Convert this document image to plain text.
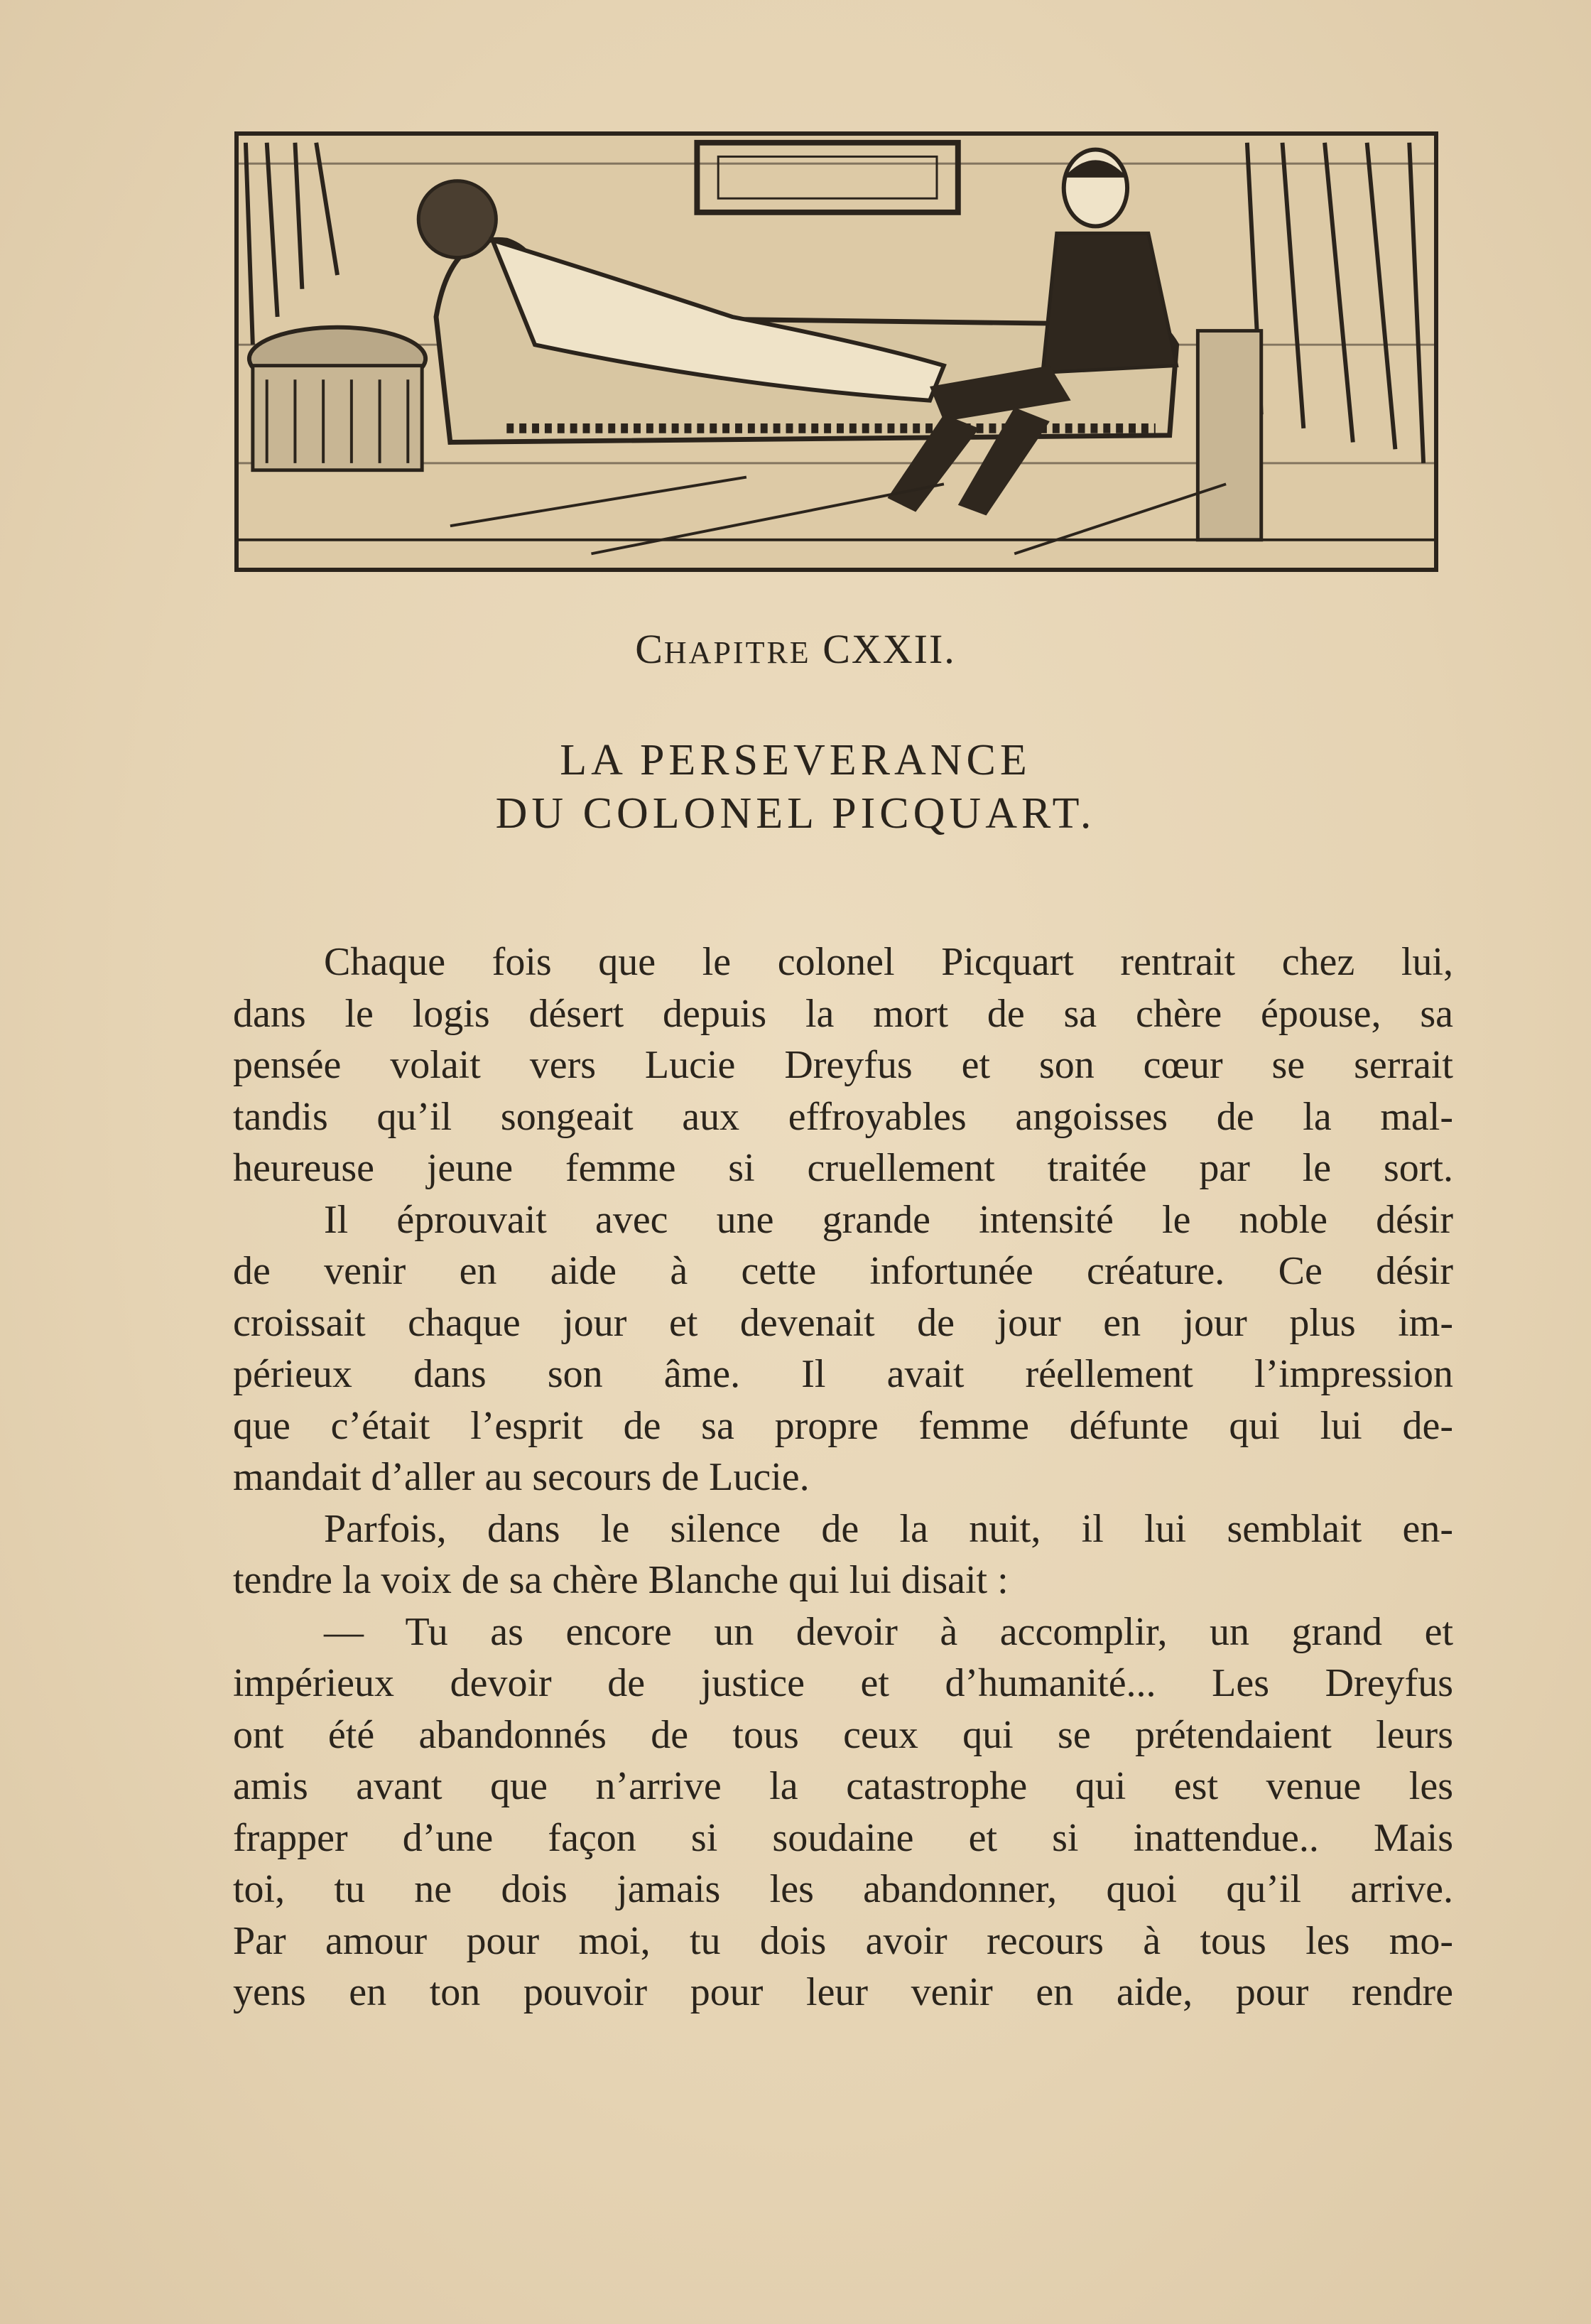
CHAPITRE CXXII.
LA PERSEVERANCE
DU COLONEL PICQUART.
Chaque fois que le colonel Picquart rentrait chez lui,
dans le logis désert depuis la mort de sa chère épouse, sa
pensée volait vers Lucie Dreyfus et son cœur se serrait
tandis qu’il songeait aux effroyables angoisses de la mal-
heureuse jeune femme si cruellement traitée par le sort.
Il éprouvait avec une grande intensité le noble désir
de venir en aide à cette infortunée créature. Ce désir
croissait chaque jour et devenait de jour en jour plus im-
périeux dans son âme. Il avait réellement l’impression
que c’était l’esprit de sa propre femme défunte qui lui de-
mandait d’aller au secours de Lucie.
Parfois, dans le silence de la nuit, il lui semblait en-
tendre la voix de sa chère Blanche qui lui disait :
— Tu as encore un devoir à accomplir, un grand et
impérieux devoir de justice et d’humanité... Les Dreyfus
ont été abandonnés de tous ceux qui se prétendaient leurs
amis avant que n’arrive la catastrophe qui est venue les
frapper d’une façon si soudaine et si inattendue.. Mais
toi, tu ne dois jamais les abandonner, quoi qu’il arrive.
Par amour pour moi, tu dois avoir recours à tous les mo-
yens en ton pouvoir pour leur venir en aide, pour rendre
